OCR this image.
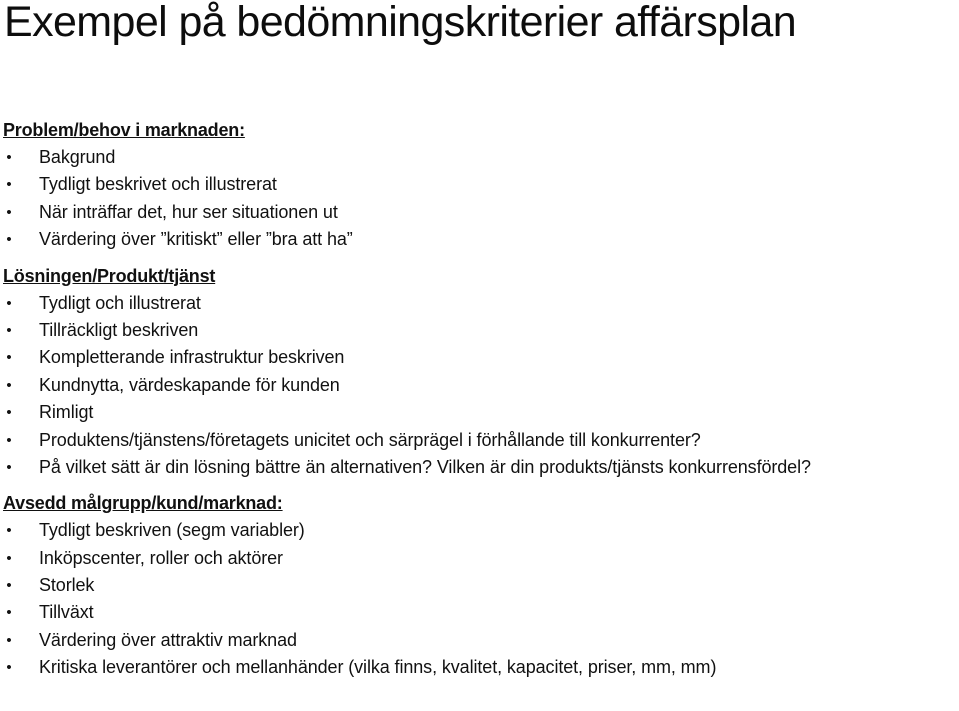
Exempel på bedömningskriterier affärsplan
Problem/behov i marknaden:
• Bakgrund
• Tydligt beskrivet och illustrerat
• När inträffar det, hur ser situationen ut
• Värdering över ”kritiskt” eller ”bra att ha”
Lösningen/Produkt/tjänst
• Tydligt och illustrerat
• Tillräckligt beskriven
• Kompletterande infrastruktur beskriven
• Kundnytta, värdeskapande för kunden
• Rimligt
• Produktens/tjänstens/företagets unicitet och särprägel i förhållande till konkurrenter?
• På vilket sätt är din lösning bättre än alternativen? Vilken är din produkts/tjänsts konkurrensfördel?
Avsedd målgrupp/kund/marknad:
• Tydligt beskriven (segm variabler)
• Inköpscenter, roller och aktörer
• Storlek
• Tillväxt
• Värdering över attraktiv marknad
• Kritiska leverantörer och mellanhänder (vilka finns, kvalitet, kapacitet, priser, mm, mm)
